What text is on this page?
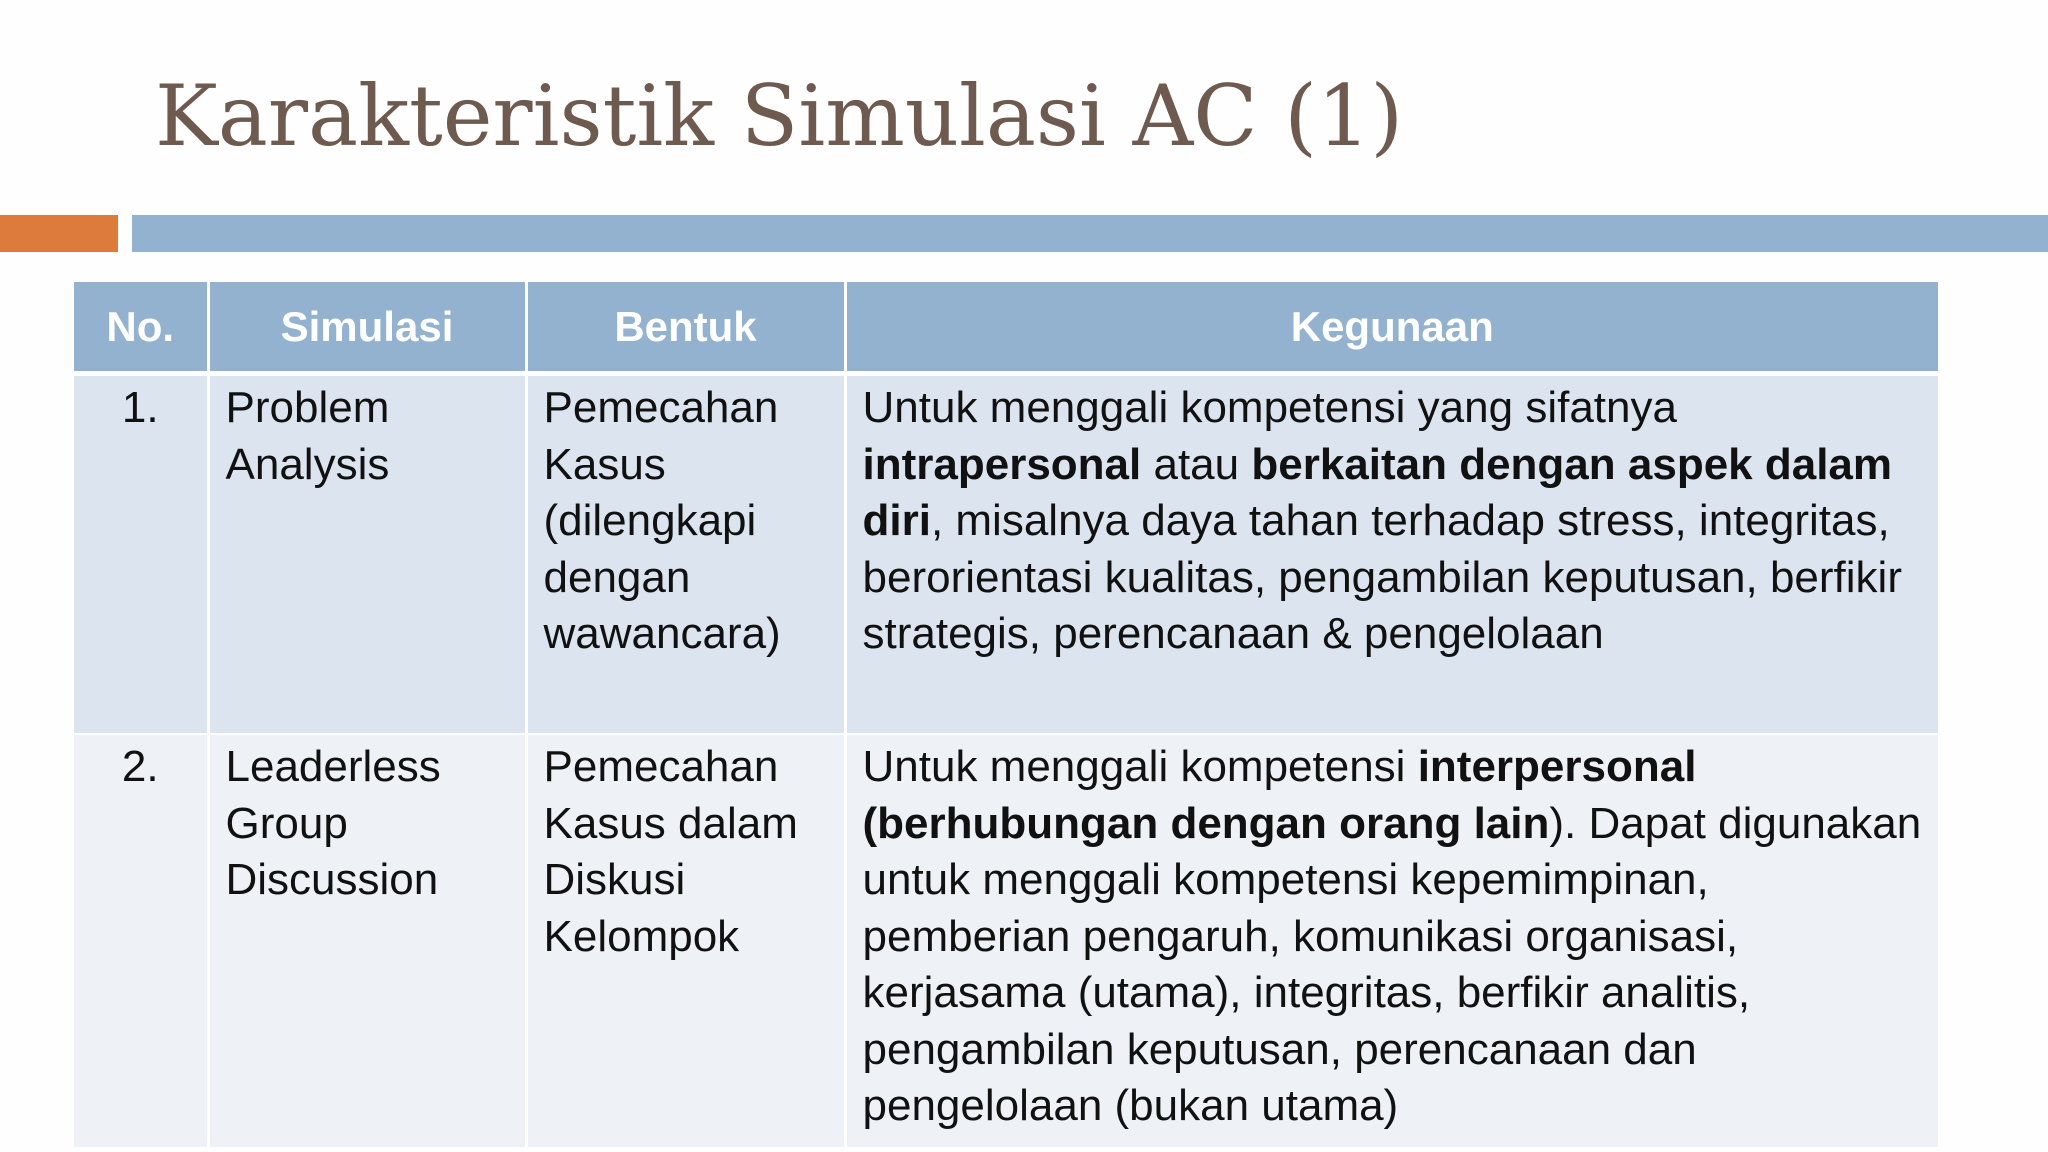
Karakteristik Simulasi AC (1)
No.	Simulasi	Bentuk	Kegunaan
1.	Problem Analysis	Pemecahan Kasus (dilengkapi dengan wawancara)	Untuk menggali kompetensi yang sifatnya intrapersonal atau berkaitan dengan aspek dalam diri, misalnya daya tahan terhadap stress, integritas, berorientasi kualitas, pengambilan keputusan, berfikir strategis, perencanaan & pengelolaan
2.	Leaderless Group Discussion	Pemecahan Kasus dalam Diskusi Kelompok	Untuk menggali kompetensi interpersonal (berhubungan dengan orang lain). Dapat digunakan untuk menggali kompetensi kepemimpinan, pemberian pengaruh, komunikasi organisasi, kerjasama (utama), integritas, berfikir analitis, pengambilan keputusan, perencanaan dan pengelolaan (bukan utama)
